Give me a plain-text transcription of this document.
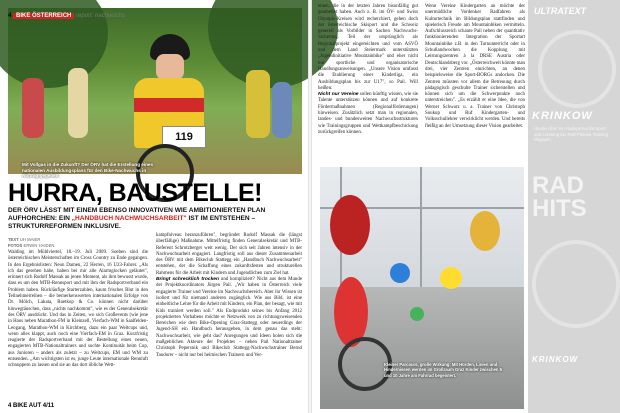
119
Mit Vollgas in die Zukunft? Der ÖRV hat die Erstellung eines nationalen Ausbildungsplans für den Bike-Nachwuchs in Auftrag gegeben.
4 BIKE ÖSTERREICH report: nachwuchs
HURRA, BAUSTELLE!
DER ÖRV LÄSST MIT EINEM EBENSO INNOVATIVEN WIE AMBITIONIERTEN PLAN AUFHORCHEN: EIN „HANDBUCH NACHWUCHSARBEIT" IST IM ENTSTEHEN – STRUKTURREFORMEN INKLUSIVE.
TEXT UH MAIER
FOTOS ERWIN HAIDEN
Walding im Mühlviertel, 18.–19. Juli 2009. Soeben sind die österreichischen Meisterschaften im Cross Country zu Ende gegangen. In den Ergebnislisten: Neun Damen, 22 Herren, 16 U23-Fahrer. „Als ich das gesehen habe, haben bei mir alle Alarmglocken geläutet", erinnert sich Rudolf Massak an jenen Moment, als ihm bewusst wurde, dass es um den MTB-Rennsport und mit ihm der Radsportverband ein Problem haben. Rückläufige Starterzahlen, kaum frisches Blut in den Teilnehmerreihen – die bemerkenswerten internationalen Erfolge von Dr. Mölch, Lakata, Ruetkop & Co. können nicht darüber hinwegtäuschen, dass „nichts nachkommt", wie es der Generalsekretär des ÖRV ausdrückt. Und das in Zeiten, wo sich Großevents (wie jene in Haus neben Marathon-FM in Kleinzell, Vierfach-WM in Saalfelden-Leogang, Marathon-WM in Kirchberg, dazu ein paar Weltcups und, wenn alles klappt, auch noch eine Vierfach-EM in Graz. Kurzfristig reagierte der Radsportverband mit der Bestellung eines neuen, engagierten MTB-Nationaltrainers und suchte Kontinuität beim Cup, aus Junioren – anders als zuletzt – zu Weltcups, EM und WM zu entsenden. „Am wichtigsten ist es, junge Leute internationale Rennluft schnuppern zu lassen und sie an das dort übliche Wett-
kampfniveau heranzuführen", begründet Rudolf Massak die (längst überfällige) Maßnahme. Mittelfristig finden Generalsekretär und MTB-Referent Schrotzberger weit wenig. Der sich seit Jahren intensiv in der Nachwuchsarbeit engagiert. Langfristig soll aus dieser Zusammenarbeit des ÖRV mit dem Bikeclub Stattegg ein „Handbuch Nachwuchsarbeit" entstehen, der die Schaffung eines zukunftsfesten und strukturellen Rahmens für die Arbeit mit Kindern und Jugendlichen zum Ziel hat.
Bringt schrecklich trocken und kompliziert? Nicht aus dem Munde der Projektkoordinators Jürgen Pail. „Wir haben in Österreich viele engagierte Trainer und Vereine im Nachwuchsbereich. Aber ihr Wissen ist isoliert und für niemand anderen zugänglich. Wie aus Bild, ist eine einheitliche Lehre für die Arbeit mit Kindern, ein Plan, der besagt, wie mit Kids trainiert werden soll." Als Endprodukt seines bis Anfang 2012 projektierten Vorhabens möchte er Netzwerk von zu richtungsweisenden Bereichen wie dem Bike-Opening Graz-Stattegg oder neuerdings der Jugend-SH ein Handbuch herausgeben, in dem genau das steht: Nachwuchsarbeit, wie geht das? Anregungen und Ideen holen sich die maßgeblichen Akteure der Projektes – neben Pail Nationaltrainer Christoph Pepersnik und Bikeclub Stattegg-Nachwuchstrainer Bernd Taudorer – nicht nur bei heimischen Trainern und Ver-
4 BIKE AUT 4/11
einen, die in der letzten Jahren bisonfällig gut gearbeitet haben. Auch z. B. im ÖV- und Swiss Olympic-Kreisen wird recherchiert, gehen doch der österreichische Skisport und die Schweiz generell als Vorbilder in Sachen Nachwuchs-Sicherung. Teil der ursprünglich als Regionalprojekt eingereichten und vom ASVÖ und dem Land Steiermark unterstützten „Jugendinitiative Mountainbike" und eher nicht nur sportliche und organisatorische Handlungsanweisungen. „Unsere Vision umfasst die Etablierung einer Kinderliga, ein Ausbildungsplan bis zur U17", so Pail. Will heißen:
Nicht nur Vereine sollen künftig wissen, wie sie Talente unterstützen können und auf konkrete Fördermaßnahmen (Regionalförderungen) hinweisen. Zusätzlich setzt man in regionalen, landes- und bundesweiten Nachwuchsstrukturen wie Trainingsgruppen und Wettkampfbeschickung zurückgreifen können.
Wenn Vereine Kindergarten an möchte der unermüdliche Vordenker Radfahren als Kulturtechnik im Bildungsplan stattfinden und spielerisch Freude am Mountainbiken vermitteln. Aufschlussreich schaute Pail neben der quantitativ funktionierenden Integration der Sportart Mountainbike z.B. in den Turnunterricht oder in Schullandwochen die Kopplung mit Leistungszentren à la DRSE Austria oder Deutschlandsberg vor. „Österreichweit könnte man drei, vier Zentren einrichten, an denen beispielsweise die Sport-BORGs andocken. Die Zentren müssten vor allem die Betreuung durch pädagogisch geschulte Trainer sicherstellen und können sich um die Schwerpunkte noch unterstreichen". „Es erzählt er eine Idee, die von Werner Schwarz u. a. Trainer von Christoph Soukup und Ruf Kindergarten- und Volksschullehrer verwirklicht werden. Und bereits fleißig an der Umsetzung dieser Vision gearbeitet.
Kleiner Parcours, große Wirkung: Mit Hürden, Linien und Hindernissen werden im Großraum Graz Kinder zwischen 5 und 10 Jahre am Fahrrad begeistert.
ULTRATEXT
KRINKOW
Hände Über ein Radspezial für Sport und Leistung bei Rad-Fitness-Training Magazin
RAD
HITS
KRINKOW
